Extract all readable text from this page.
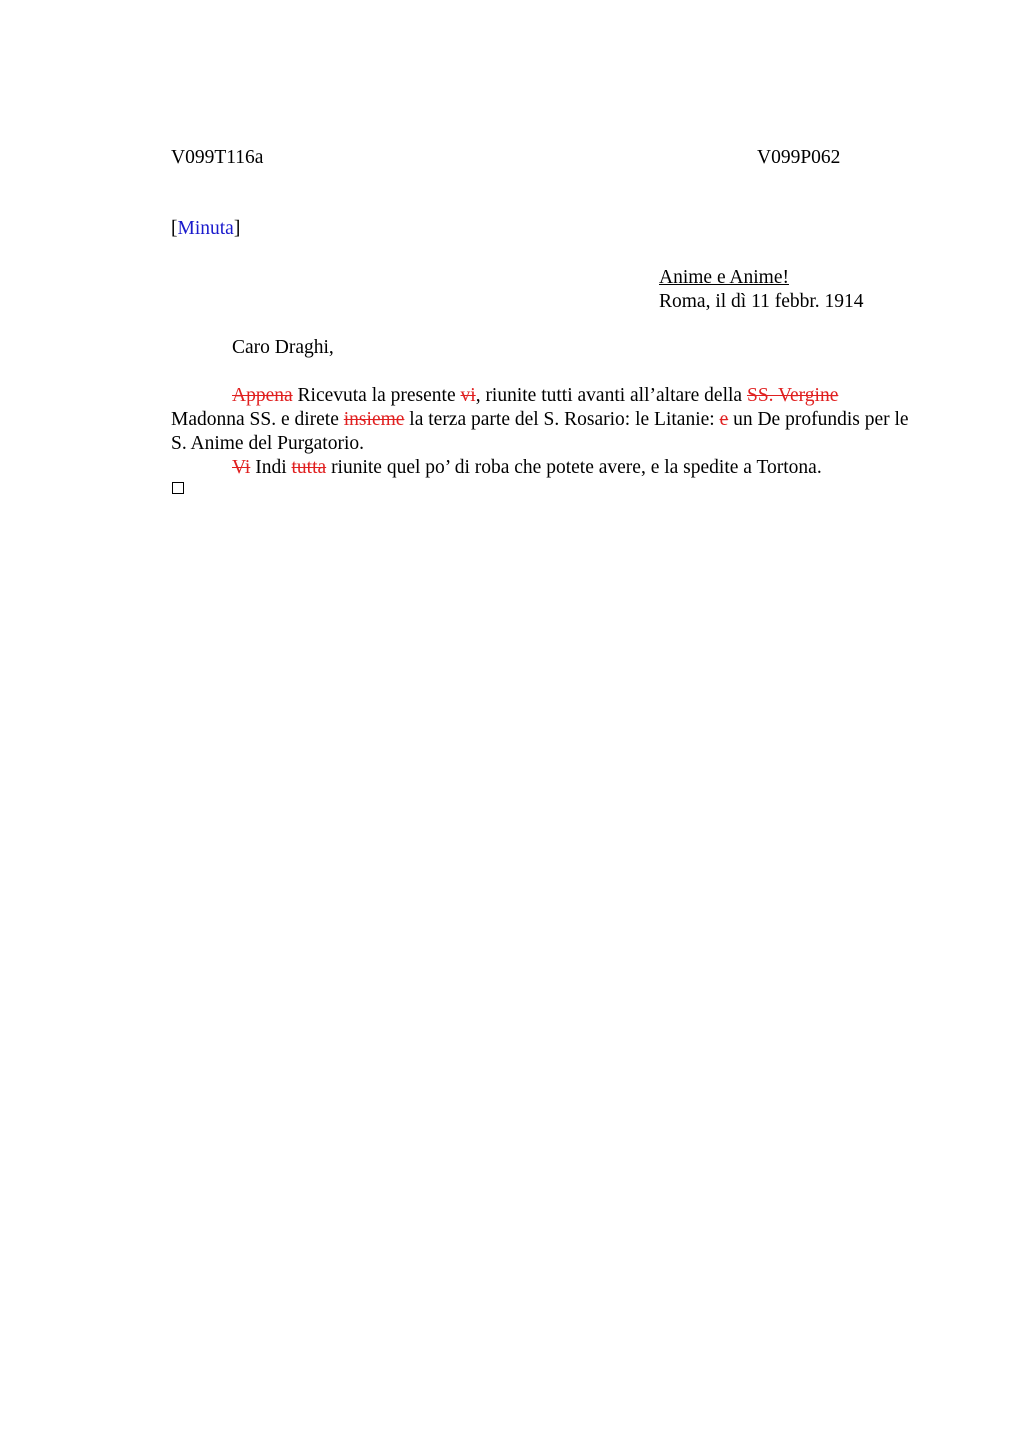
V099T116a	V099P062
[Minuta]
Anime e Anime!
Roma, il dì 11 febbr. 1914
Caro Draghi,

Appena Ricevuta la presente vi, riunite tutti avanti all’altare della SS. Vergine Madonna SS. e direte insieme la terza parte del S. Rosario: le Litanie: e un De profundis per le S. Anime del Purgatorio.

Vi Indi tutta riunite quel po’ di roba che potete avere, e la spedite a Tortona.
